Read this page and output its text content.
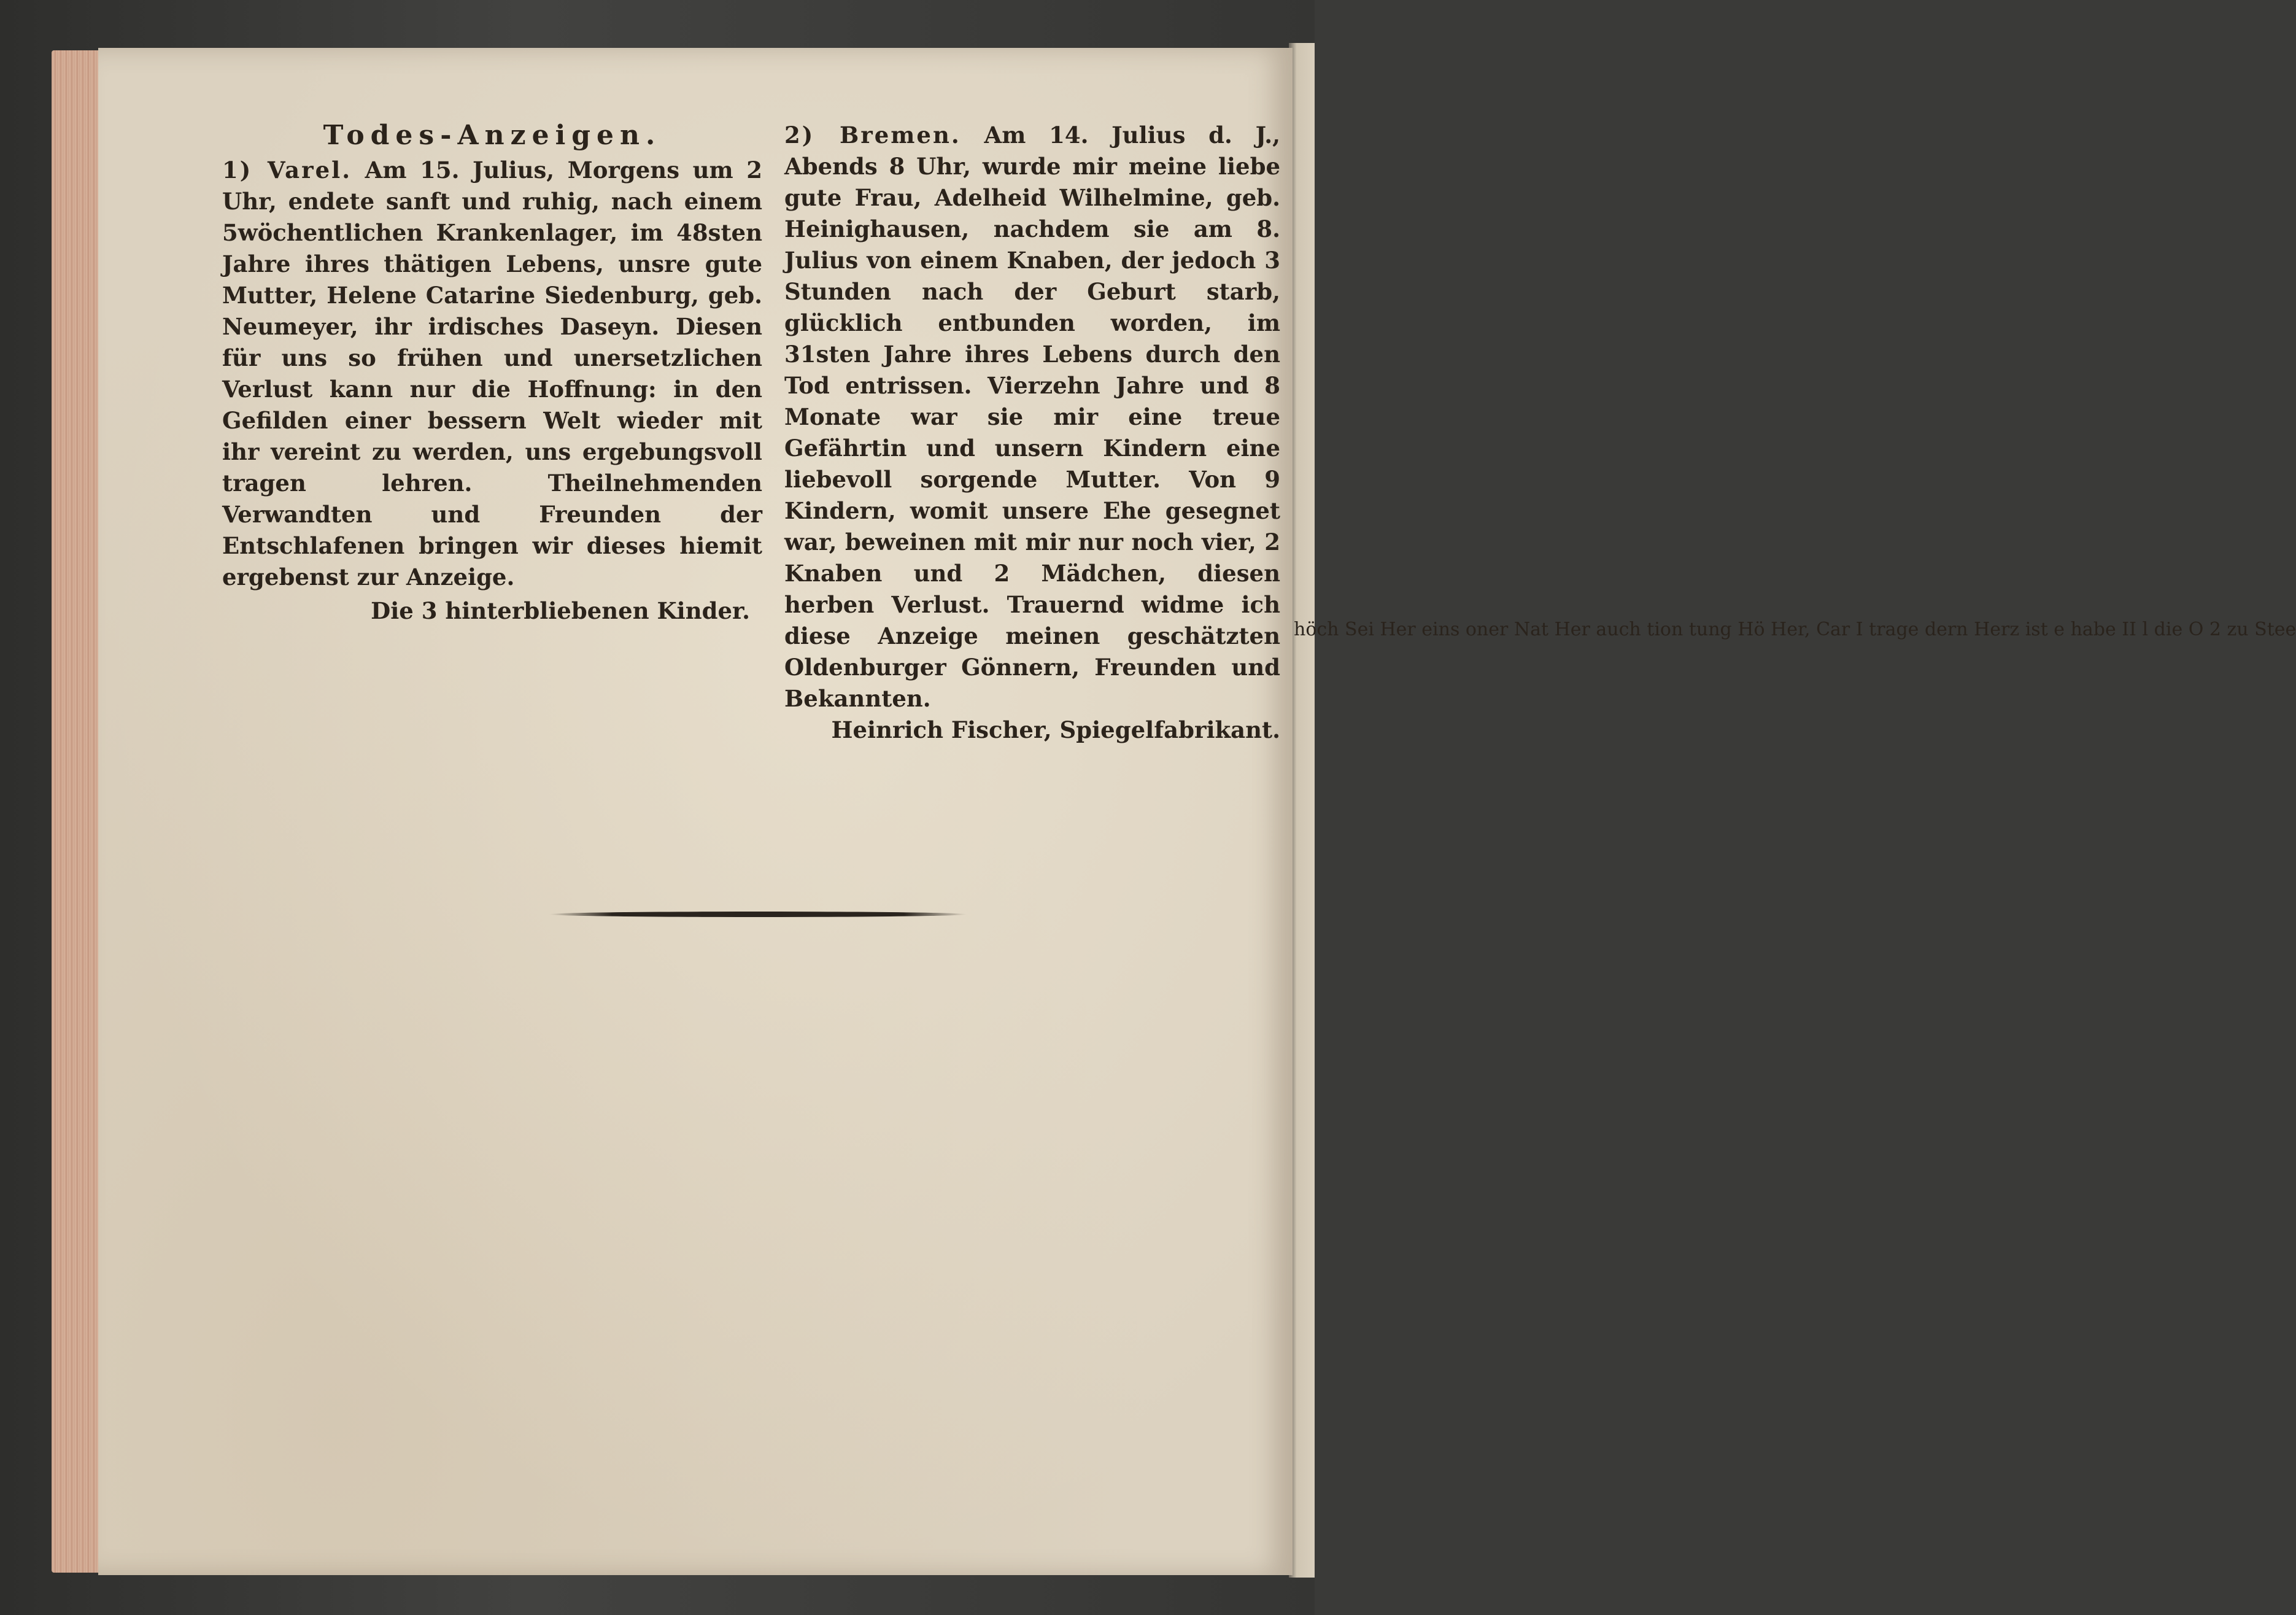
höch Sei Her eins oner Nat Her auch tion tung Hö Her, Car I trage dern Herz ist e habe II l die O 2 zu Stee
Todes-Anzeigen.

1) Varel. Am 15. Julius, Morgens um 2 Uhr, endete sanft und ruhig, nach einem 5wöchentlichen Krankenlager, im 48sten Jahre ihres thätigen Lebens, unsre gute Mutter, Helene Catarine Siedenburg, geb. Neumeyer, ihr irdisches Daseyn. Diesen für uns so frühen und unersetzlichen Verlust kann nur die Hoffnung: in den Gefilden einer bessern Welt wieder mit ihr vereint zu werden, uns ergebungsvoll tragen lehren. Theilnehmenden Verwandten und Freunden der Entschlafenen bringen wir dieses hiemit ergebenst zur Anzeige.

Die 3 hinterbliebenen Kinder.

2) Bremen. Am 14. Julius d. J., Abends 8 Uhr, wurde mir meine liebe gute Frau, Adelheid Wilhelmine, geb. Heinighausen, nachdem sie am 8. Julius von einem Knaben, der jedoch 3 Stunden nach der Geburt starb, glücklich entbunden worden, im 31sten Jahre ihres Lebens durch den Tod entrissen. Vierzehn Jahre und 8 Monate war sie mir eine treue Gefährtin und unsern Kindern eine liebevoll sorgende Mutter. Von 9 Kindern, womit unsere Ehe gesegnet war, beweinen mit mir nur noch vier, 2 Knaben und 2 Mädchen, diesen herben Verlust. Trauernd widme ich diese Anzeige meinen geschätzten Oldenburger Gönnern, Freunden und Bekannten.

Heinrich Fischer, Spiegelfabrikant.
